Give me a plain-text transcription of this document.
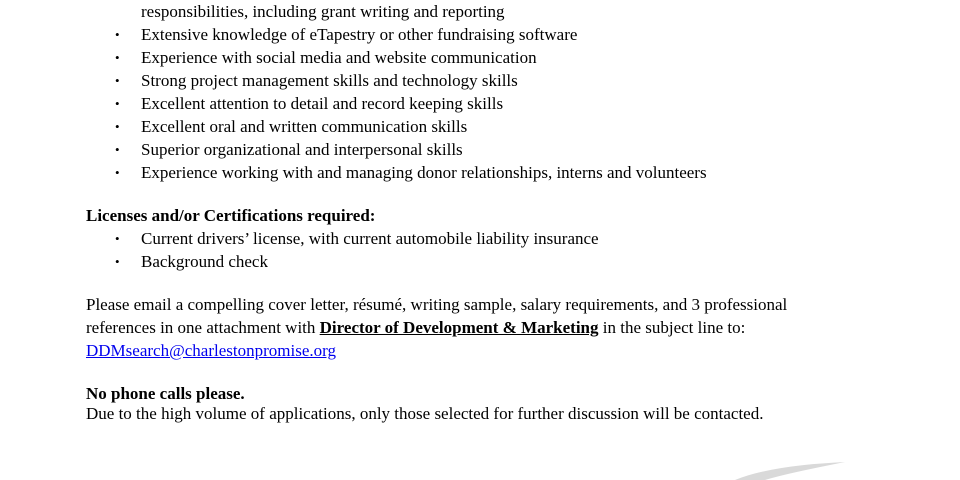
responsibilities, including grant writing and reporting
• Extensive knowledge of eTapestry or other fundraising software
• Experience with social media and website communication
• Strong project management skills and technology skills
• Excellent attention to detail and record keeping skills
• Excellent oral and written communication skills
• Superior organizational and interpersonal skills
• Experience working with and managing donor relationships, interns and volunteers
Licenses and/or Certifications required:
• Current drivers’ license, with current automobile liability insurance
• Background check
Please email a compelling cover letter, résumé, writing sample, salary requirements, and 3 professional
references in one attachment with Director of Development & Marketing in the subject line to:
DDMsearch@charlestonpromise.org
No phone calls please.
Due to the high volume of applications, only those selected for further discussion will be contacted.
